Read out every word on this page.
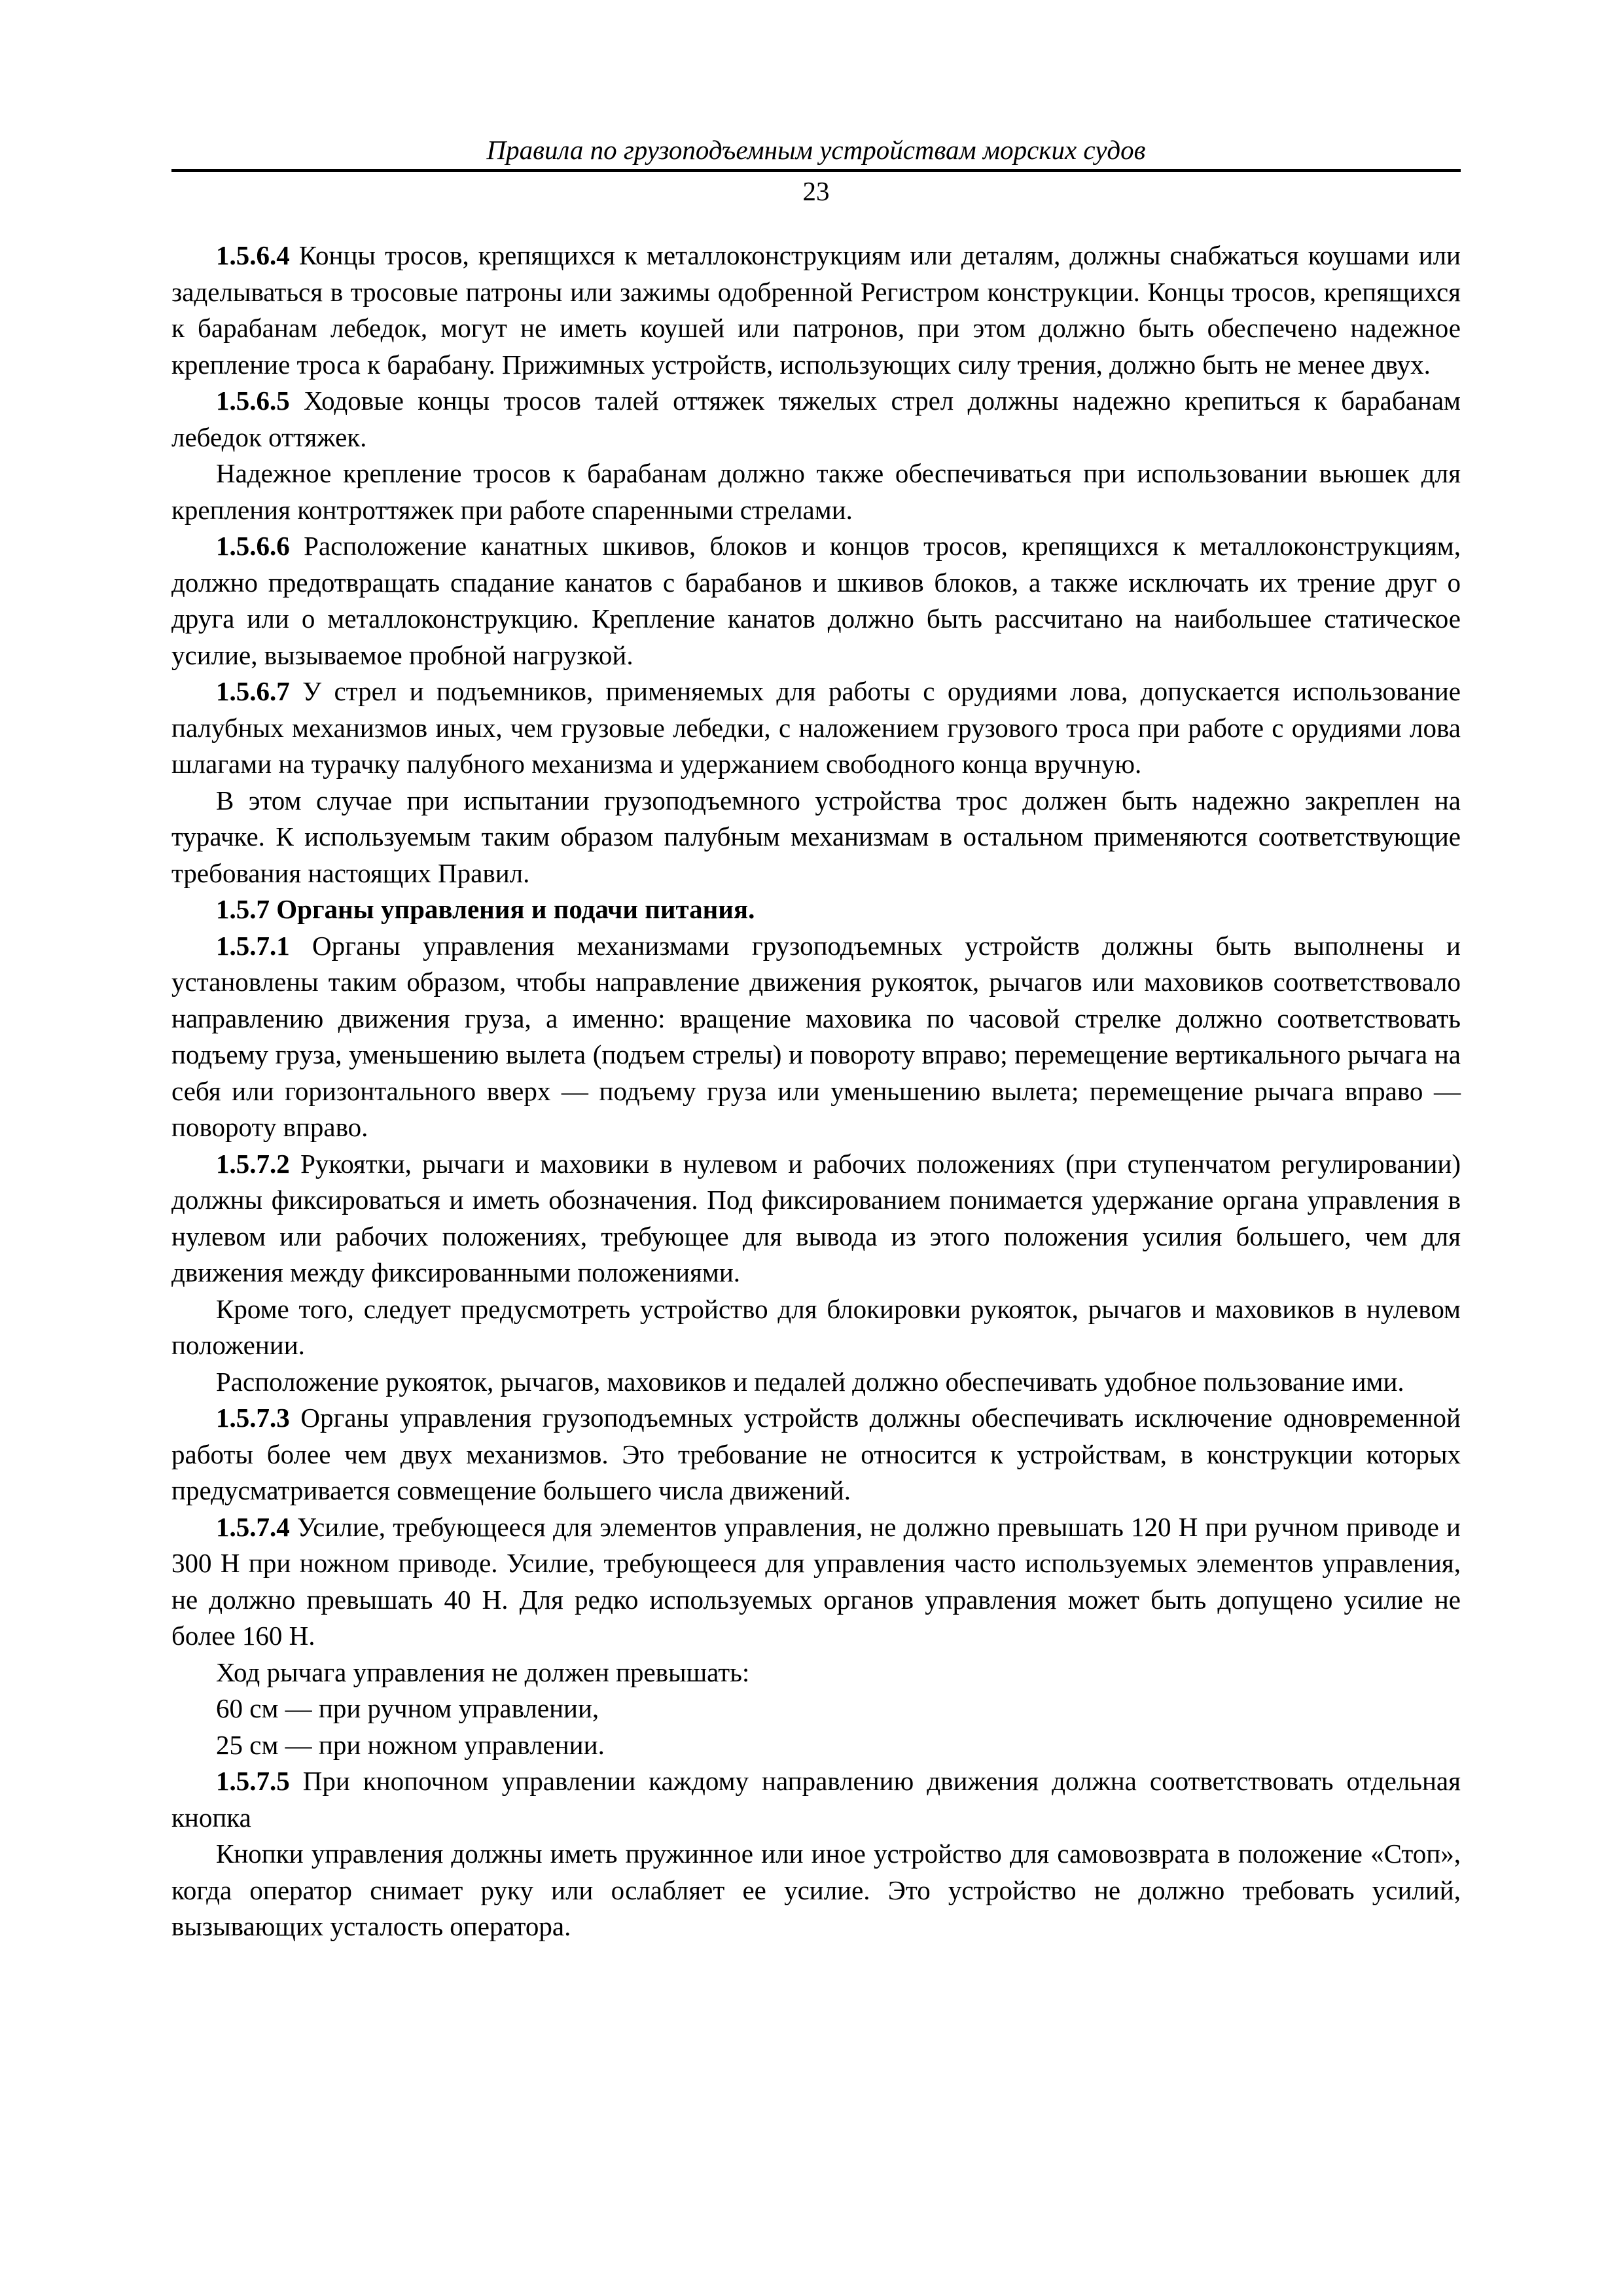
Правила по грузоподъемным устройствам морских судов
23

1.5.6.4 Концы тросов, крепящихся к металлоконструкциям или деталям, должны снабжаться коушами или заделываться в тросовые патроны или зажимы одобренной Регистром конструкции. Концы тросов, крепящихся к барабанам лебедок, могут не иметь коушей или патронов, при этом должно быть обеспечено надежное крепление троса к барабану. Прижимных устройств, использующих силу трения, должно быть не менее двух.

1.5.6.5 Ходовые концы тросов талей оттяжек тяжелых стрел должны надежно крепиться к барабанам лебедок оттяжек.

Надежное крепление тросов к барабанам должно также обеспечиваться при использовании вьюшек для крепления контроттяжек при работе спаренными стрелами.

1.5.6.6 Расположение канатных шкивов, блоков и концов тросов, крепящихся к металлоконструкциям, должно предотвращать спадание канатов с барабанов и шкивов блоков, а также исключать их трение друг о друга или о металлоконструкцию. Крепление канатов должно быть рассчитано на наибольшее статическое усилие, вызываемое пробной нагрузкой.

1.5.6.7 У стрел и подъемников, применяемых для работы с орудиями лова, допускается использование палубных механизмов иных, чем грузовые лебедки, с наложением грузового троса при работе с орудиями лова шлагами на турачку палубного механизма и удержанием свободного конца вручную.

В этом случае при испытании грузоподъемного устройства трос должен быть надежно закреплен на турачке. К используемым таким образом палубным механизмам в остальном применяются соответствующие требования настоящих Правил.

1.5.7 Органы управления и подачи питания.

1.5.7.1 Органы управления механизмами грузоподъемных устройств должны быть выполнены и установлены таким образом, чтобы направление движения рукояток, рычагов или маховиков соответствовало направлению движения груза, а именно: вращение маховика по часовой стрелке должно соответствовать подъему груза, уменьшению вылета (подъем стрелы) и повороту вправо; перемещение вертикального рычага на себя или горизонтального вверх — подъему груза или уменьшению вылета; перемещение рычага вправо — повороту вправо.

1.5.7.2 Рукоятки, рычаги и маховики в нулевом и рабочих положениях (при ступенчатом регулировании) должны фиксироваться и иметь обозначения. Под фиксированием понимается удержание органа управления в нулевом или рабочих положениях, требующее для вывода из этого положения усилия большего, чем для движения между фиксированными положениями.

Кроме того, следует предусмотреть устройство для блокировки рукояток, рычагов и маховиков в нулевом положении.

Расположение рукояток, рычагов, маховиков и педалей должно обеспечивать удобное пользование ими.

1.5.7.3 Органы управления грузоподъемных устройств должны обеспечивать исключение одновременной работы более чем двух механизмов. Это требование не относится к устройствам, в конструкции которых предусматривается совмещение большего числа движений.

1.5.7.4 Усилие, требующееся для элементов управления, не должно превышать 120 Н при ручном приводе и 300 Н при ножном приводе. Усилие, требующееся для управления часто используемых элементов управления, не должно превышать 40 Н. Для редко используемых органов управления может быть допущено усилие не более 160 Н.

Ход рычага управления не должен превышать:

60 см — при ручном управлении,

25 см — при ножном управлении.

1.5.7.5 При кнопочном управлении каждому направлению движения должна соответствовать отдельная кнопка

Кнопки управления должны иметь пружинное или иное устройство для самовозврата в положение «Стоп», когда оператор снимает руку или ослабляет ее усилие. Это устройство не должно требовать усилий, вызывающих усталость оператора.
